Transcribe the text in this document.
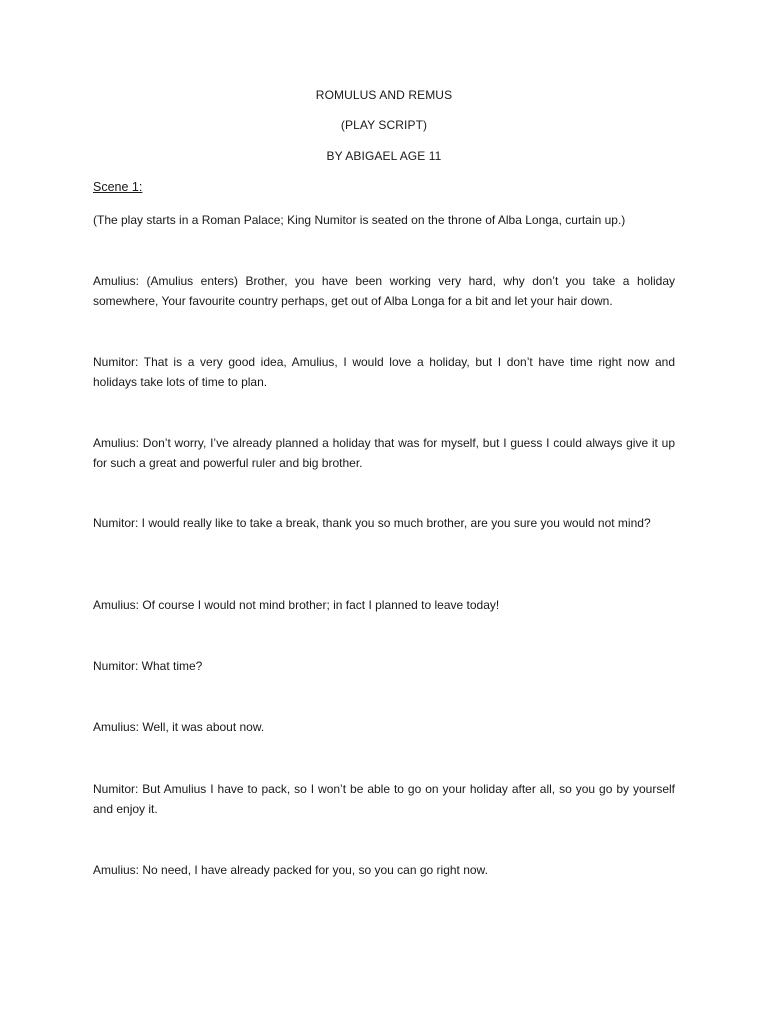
ROMULUS AND REMUS
(PLAY SCRIPT)
BY ABIGAEL AGE 11
Scene 1:
(The play starts in a Roman Palace; King Numitor is seated on the throne of Alba Longa, curtain up.)
Amulius: (Amulius enters) Brother, you have been working very hard, why don’t you take a holiday somewhere, Your favourite country perhaps, get out of Alba Longa for a bit and let your hair down.
Numitor: That is a very good idea, Amulius, I would love a holiday, but I don’t have time right now and holidays take lots of time to plan.
Amulius: Don’t worry, I’ve already planned a holiday that was for myself, but I guess I could always give it up for such a great and powerful ruler and big brother.
Numitor: I would really like to take a break, thank you so much brother, are you sure you would not mind?
Amulius: Of course I would not mind brother; in fact I planned to leave today!
Numitor: What time?
Amulius: Well, it was about now.
Numitor: But Amulius I have to pack, so I won’t be able to go on your holiday after all, so you go by yourself and enjoy it.
Amulius: No need, I have already packed for you, so you can go right now.
